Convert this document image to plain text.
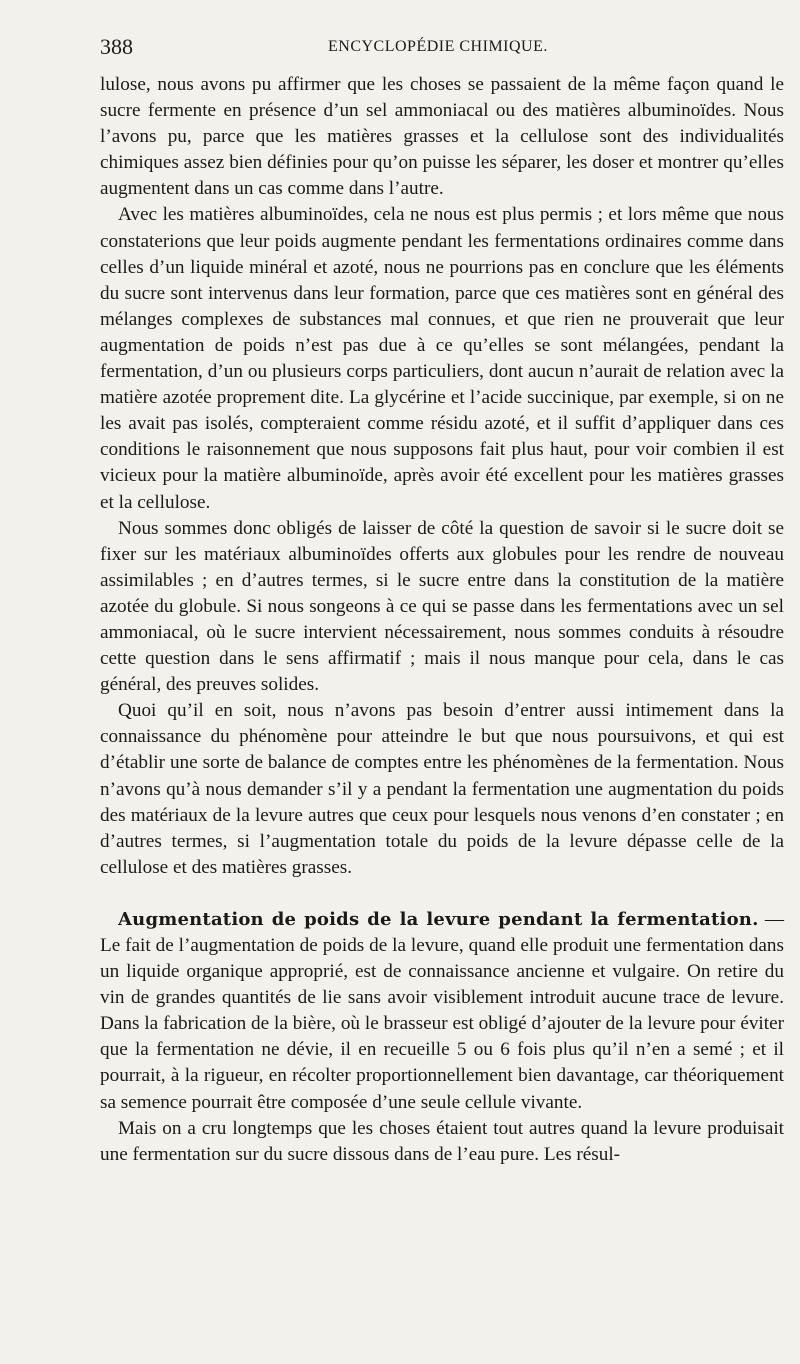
388	ENCYCLOPÉDIE CHIMIQUE.

lulose, nous avons pu affirmer que les choses se passaient de la même façon quand le sucre fermente en présence d’un sel ammoniacal ou des matières albuminoïdes. Nous l’avons pu, parce que les matières grasses et la cellulose sont des individualités chimiques assez bien définies pour qu’on puisse les séparer, les doser et montrer qu’elles augmentent dans un cas comme dans l’autre.

Avec les matières albuminoïdes, cela ne nous est plus permis ; et lors même que nous constaterions que leur poids augmente pendant les fermentations ordinaires comme dans celles d’un liquide minéral et azoté, nous ne pourrions pas en conclure que les éléments du sucre sont intervenus dans leur formation, parce que ces matières sont en général des mélanges complexes de substances mal connues, et que rien ne prouverait que leur augmentation de poids n’est pas due à ce qu’elles se sont mélangées, pendant la fermentation, d’un ou plusieurs corps particuliers, dont aucun n’aurait de relation avec la matière azotée proprement dite. La glycérine et l’acide succinique, par exemple, si on ne les avait pas isolés, compteraient comme résidu azoté, et il suffit d’appliquer dans ces conditions le raisonnement que nous supposons fait plus haut, pour voir combien il est vicieux pour la matière albuminoïde, après avoir été excellent pour les matières grasses et la cellulose.

Nous sommes donc obligés de laisser de côté la question de savoir si le sucre doit se fixer sur les matériaux albuminoïdes offerts aux globules pour les rendre de nouveau assimilables ; en d’autres termes, si le sucre entre dans la constitution de la matière azotée du globule. Si nous songeons à ce qui se passe dans les fermentations avec un sel ammoniacal, où le sucre intervient nécessairement, nous sommes conduits à résoudre cette question dans le sens affirmatif ; mais il nous manque pour cela, dans le cas général, des preuves solides.

Quoi qu’il en soit, nous n’avons pas besoin d’entrer aussi intimement dans la connaissance du phénomène pour atteindre le but que nous poursuivons, et qui est d’établir une sorte de balance de comptes entre les phénomènes de la fermentation. Nous n’avons qu’à nous demander s’il y a pendant la fermentation une augmentation du poids des matériaux de la levure autres que ceux pour lesquels nous venons d’en constater ; en d’autres termes, si l’augmentation totale du poids de la levure dépasse celle de la cellulose et des matières grasses.

Augmentation de poids de la levure pendant la fermentation. — Le fait de l’augmentation de poids de la levure, quand elle produit une fermentation dans un liquide organique approprié, est de connaissance ancienne et vulgaire. On retire du vin de grandes quantités de lie sans avoir visiblement introduit aucune trace de levure. Dans la fabrication de la bière, où le brasseur est obligé d’ajouter de la levure pour éviter que la fermentation ne dévie, il en recueille 5 ou 6 fois plus qu’il n’en a semé ; et il pourrait, à la rigueur, en récolter proportionnellement bien davantage, car théoriquement sa semence pourrait être composée d’une seule cellule vivante.

Mais on a cru longtemps que les choses étaient tout autres quand la levure produisait une fermentation sur du sucre dissous dans de l’eau pure. Les résul-
